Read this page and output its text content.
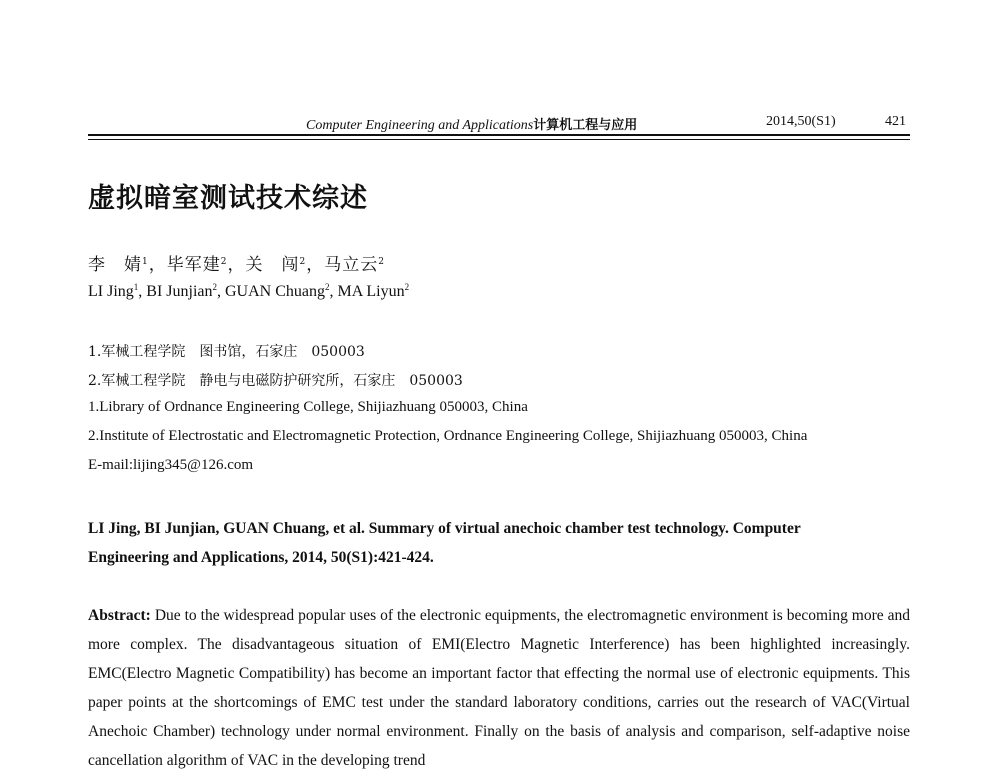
Computer Engineering and Applications计算机工程与应用	2014,50(S1)	421
虚拟暗室测试技术综述
李　婧$^1$，毕军建$^2$，关　闯$^2$，马立云$^2$
LI Jing$^1$, BI Junjian$^2$, GUAN Chuang$^2$, MA Liyun$^2$
1.军械工程学院　图书馆，石家庄　050003
2.军械工程学院　静电与电磁防护研究所，石家庄　050003
1.Library of Ordnance Engineering College, Shijiazhuang 050003, China
2.Institute of Electrostatic and Electromagnetic Protection, Ordnance Engineering College, Shijiazhuang 050003, China
E-mail:lijing345@126.com
LI Jing, BI Junjian, GUAN Chuang, et al. Summary of virtual anechoic chamber test technology. Computer
Engineering and Applications, 2014, 50(S1):421-424.
Abstract: Due to the widespread popular uses of the electronic equipments, the electromagnetic environment is becoming more and more complex. The disadvantageous situation of EMI(Electro Magnetic Interference) has been highlighted increasingly. EMC(Electro Magnetic Compatibility) has become an important factor that effecting the normal use of electronic equipments. This paper points at the shortcomings of EMC test under the standard laboratory conditions, carries out the research of VAC(Virtual Anechoic Chamber) technology under normal environment. Finally on the basis of analysis and comparison, self-adaptive noise cancellation algorithm of VAC in the developing trend
